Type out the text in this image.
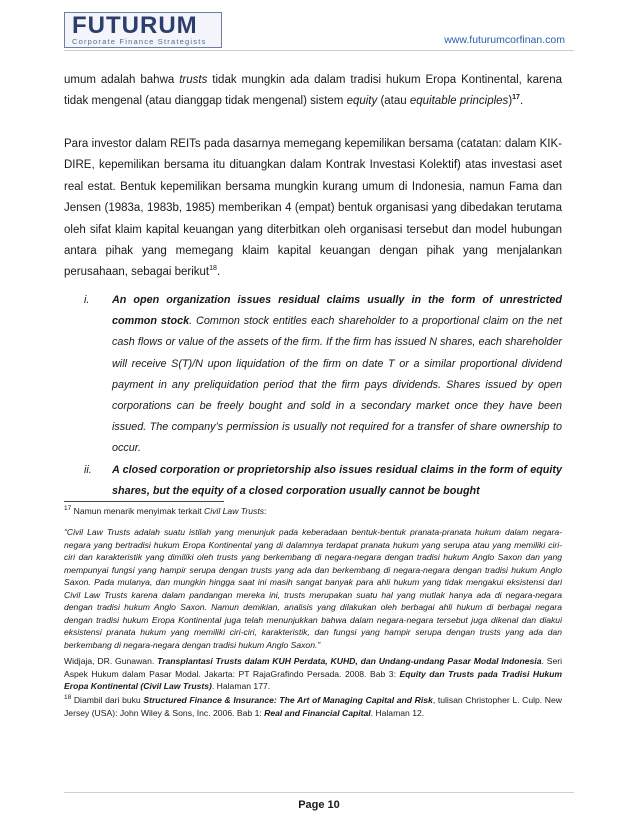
FUTURUM
Corporate Finance Strategists	www.futurumcorfinan.com
umum adalah bahwa trusts tidak mungkin ada dalam tradisi hukum Eropa Kontinental, karena tidak mengenal (atau dianggap tidak mengenal) sistem equity (atau equitable principles)$^{17}$.
Para investor dalam REITs pada dasarnya memegang kepemilikan bersama (catatan: dalam KIK-DIRE, kepemilikan bersama itu dituangkan dalam Kontrak Investasi Kolektif) atas investasi aset real estat. Bentuk kepemilikan bersama mungkin kurang umum di Indonesia, namun Fama dan Jensen (1983a, 1983b, 1985) memberikan 4 (empat) bentuk organisasi yang dibedakan terutama oleh sifat klaim kapital keuangan yang diterbitkan oleh organisasi tersebut dan model hubungan antara pihak yang memegang klaim kapital keuangan dengan pihak yang menjalankan perusahaan, sebagai berikut$^{18}$.
i. An open organization issues residual claims usually in the form of unrestricted common stock. Common stock entitles each shareholder to a proportional claim on the net cash flows or value of the assets of the firm. If the firm has issued N shares, each shareholder will receive S(T)/N upon liquidation of the firm on date T or a similar proportional dividend payment in any preliquidation period that the firm pays dividends. Shares issued by open corporations can be freely bought and sold in a secondary market once they have been issued. The company’s permission is usually not required for a transfer of share ownership to occur.
ii. A closed corporation or proprietorship also issues residual claims in the form of equity shares, but the equity of a closed corporation usually cannot be bought
$^{17}$ Namun menarik menyimak terkait Civil Law Trusts:
“Civil Law Trusts adalah suatu istilah yang menunjuk pada keberadaan bentuk-bentuk pranata-pranata hukum dalam negara-negara yang bertradisi hukum Eropa Kontinental yang di dalamnya terdapat pranata hukum yang serupa atau yang memiliki ciri-ciri dan karakteristik yang dimiliki oleh trusts yang berkembang di negara-negara dengan tradisi hukum Anglo Saxon dan yang mempunyai fungsi yang hampir serupa dengan trusts yang ada dan berkembang di negara-negara dengan tradisi hukum Anglo Saxon. Pada mulanya, dan mungkin hingga saat ini masih sangat banyak para ahli hukum yang tidak mengakui eksistensi dari Civil Law Trusts karena dalam pandangan mereka ini, trusts merupakan suatu hal yang mutlak hanya ada di negara-negara dengan tradisi hukum Anglo Saxon. Namun demikian, analisis yang dilakukan oleh berbagai ahli hukum di berbagai negara dengan tradisi hukum Eropa Kontinental juga telah menunjukkan bahwa dalam negara-negara tersebut juga dikenal dan diakui eksistensi pranata hukum yang memiliki ciri-ciri, karakteristik, dan fungsi yang hampir serupa dengan trusts yang ada dan berkembang di negara-negara dengan tradisi hukum Anglo Saxon.”
Widjaja, DR. Gunawan. Transplantasi Trusts dalam KUH Perdata, KUHD, dan Undang-undang Pasar Modal Indonesia. Seri Aspek Hukum dalam Pasar Modal. Jakarta: PT RajaGrafindo Persada. 2008. Bab 3: Equity dan Trusts pada Tradisi Hukum Eropa Kontinental (Civil Law Trusts). Halaman 177.
$^{18}$ Diambil dari buku Structured Finance & Insurance: The Art of Managing Capital and Risk, tulisan Christopher L. Culp. New Jersey (USA): John Wiley & Sons, Inc. 2006. Bab 1: Real and Financial Capital. Halaman 12.
Page 10
